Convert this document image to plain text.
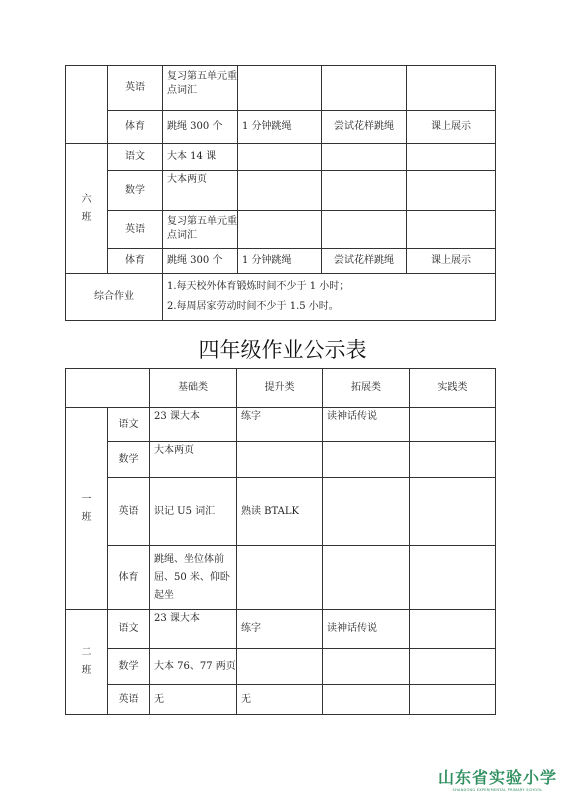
	英语	复习第五单元重点词汇			
	体育	跳绳 300 个	1 分钟跳绳	尝试花样跳绳	课上展示
六
班	语文	大本 14 课			
	数学	大本两页			
	英语	复习第五单元重点词汇			
	体育	跳绳 300 个	1 分钟跳绳	尝试花样跳绳	课上展示
综合作业		1.每天校外体育锻炼时间不少于 1 小时；
2.每周居家劳动时间不少于 1.5 小时。			
四年级作业公示表
		基础类	提升类	拓展类	实践类
一
班	语文	23 课大本	练字	读神话传说	
	数学	大本两页			
	英语	识记 U5 词汇	熟读 BTALK		
	体育	跳绳、坐位体前屈、50 米、仰卧起坐			
二
班	语文	23 课大本	练字	读神话传说	
	数学	大本 76、77 两页			
	英语	无	无		
山东省实验小学
SHANDONG EXPERIMENTAL PRIMARY SCHOOL
